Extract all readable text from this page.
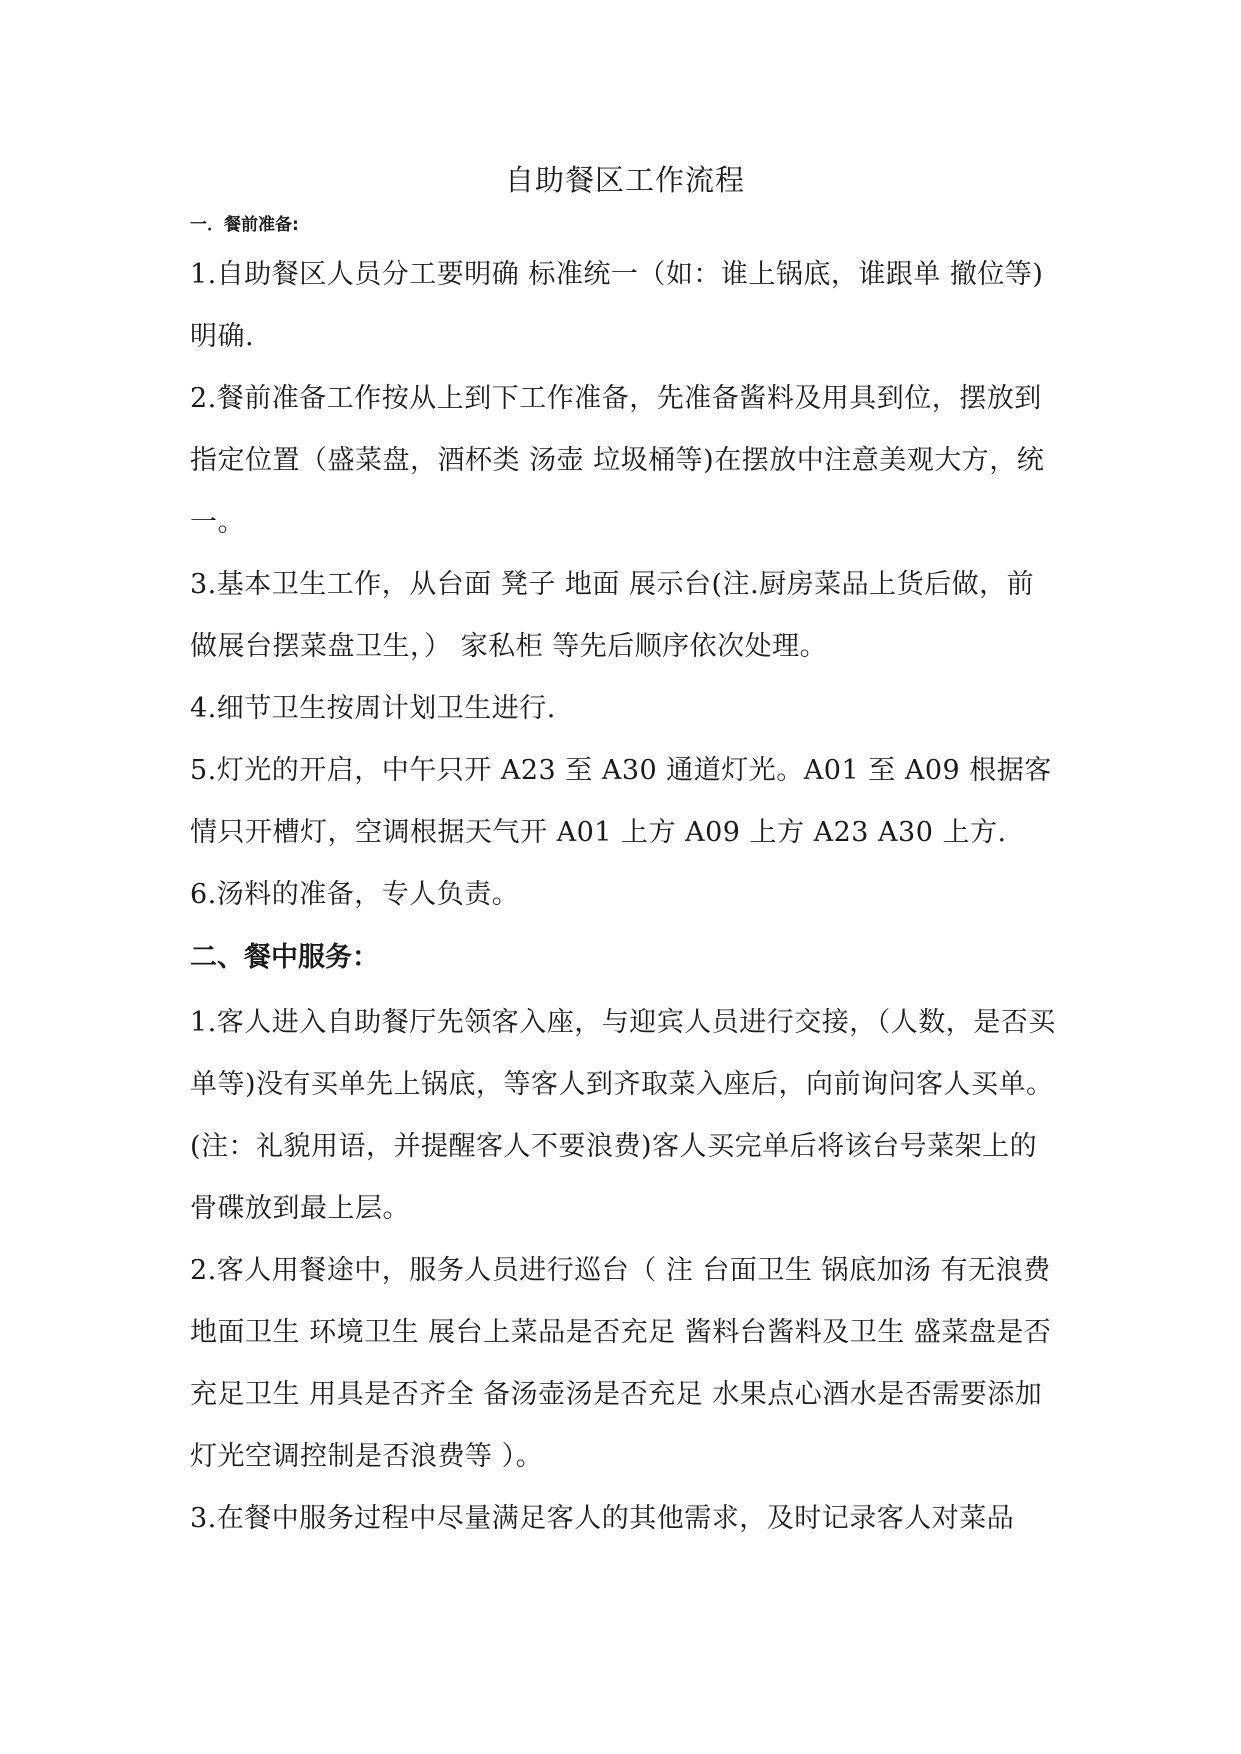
自助餐区工作流程
一．餐前准备:

1.自助餐区人员分工要明确 标准统一（如：谁上锅底，谁跟单 撤位等)明确.

2.餐前准备工作按从上到下工作准备，先准备酱料及用具到位，摆放到指定位置（盛菜盘，酒杯类 汤壶 垃圾桶等)在摆放中注意美观大方，统一。

3.基本卫生工作，从台面 凳子 地面 展示台(注.厨房菜品上货后做，前做展台摆菜盘卫生，） 家私柜 等先后顺序依次处理。

4.细节卫生按周计划卫生进行.

5.灯光的开启，中午只开 A23 至 A30 通道灯光。A01 至 A09 根据客情只开槽灯，空调根据天气开 A01 上方 A09 上方 A23 A30 上方.

6.汤料的准备，专人负责。

二、餐中服务：

1.客人进入自助餐厅先领客入座，与迎宾人员进行交接，（人数，是否买单等)没有买单先上锅底，等客人到齐取菜入座后，向前询问客人买单。(注：礼貌用语，并提醒客人不要浪费)客人买完单后将该台号菜架上的骨碟放到最上层。

2.客人用餐途中，服务人员进行巡台（ 注 台面卫生 锅底加汤 有无浪费 地面卫生 环境卫生 展台上菜品是否充足 酱料台酱料及卫生 盛菜盘是否充足卫生 用具是否齐全 备汤壶汤是否充足 水果点心酒水是否需要添加 灯光空调控制是否浪费等 ）。

3.在餐中服务过程中尽量满足客人的其他需求，及时记录客人对菜品
